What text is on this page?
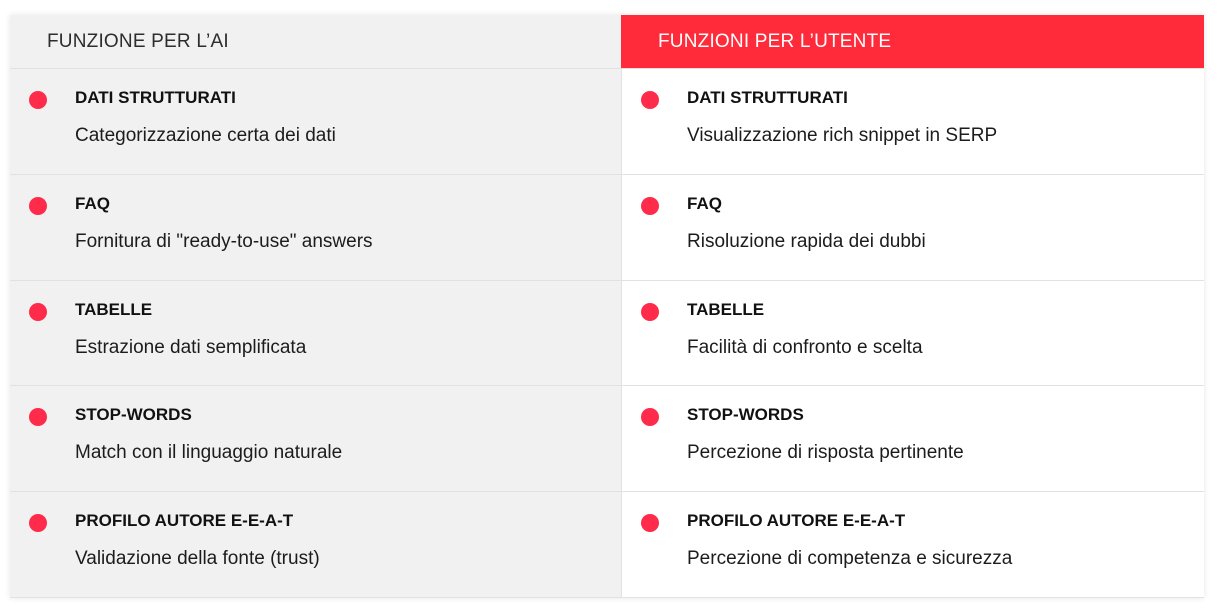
FUNZIONE PER L’AI	FUNZIONI PER L’UTENTE
DATI STRUTTURATI
Categorizzazione certa dei dati
DATI STRUTTURATI
Visualizzazione rich snippet in SERP
FAQ
Fornitura di "ready-to-use" answers
FAQ
Risoluzione rapida dei dubbi
TABELLE
Estrazione dati semplificata
TABELLE
Facilità di confronto e scelta
STOP-WORDS
Match con il linguaggio naturale
STOP-WORDS
Percezione di risposta pertinente
PROFILO AUTORE E-E-A-T
Validazione della fonte (trust)
PROFILO AUTORE E-E-A-T
Percezione di competenza e sicurezza
